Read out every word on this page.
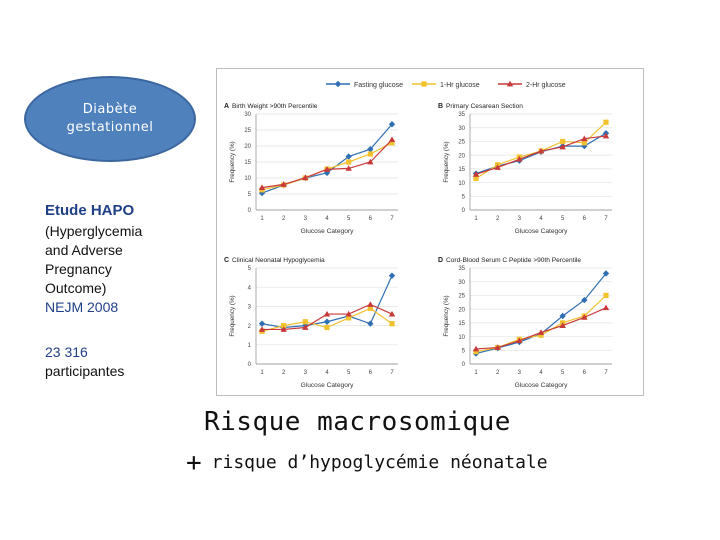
Diabète
gestationnel
Etude HAPO
(Hyperglycemia
and Adverse
Pregnancy
Outcome)
NEJM 2008
23 316
participantes
Fasting glucose	1-Hr glucose	2-Hr glucose
A Birth Weight >90th Percentile
0
5
10
15
20
25
30
1	2	3	4	5	6	7
Glucose Category
Frequency (%)
B Primary Cesarean Section
0
5
10
15
20
25
30
35
1	2	3	4	5	6	7
Glucose Category
Frequency (%)
C Clinical Neonatal Hypoglycemia
0
1
2
3
4
5
1	2	3	4	5	6	7
Glucose Category
Frequency (%)
D Cord-Blood Serum C Peptide >90th Percentile
0
5
10
15
20
25
30
35
1	2	3	4	5	6	7
Glucose Category
Frequency (%)
Risque macrosomique
+ risque d’hypoglycémie néonatale
